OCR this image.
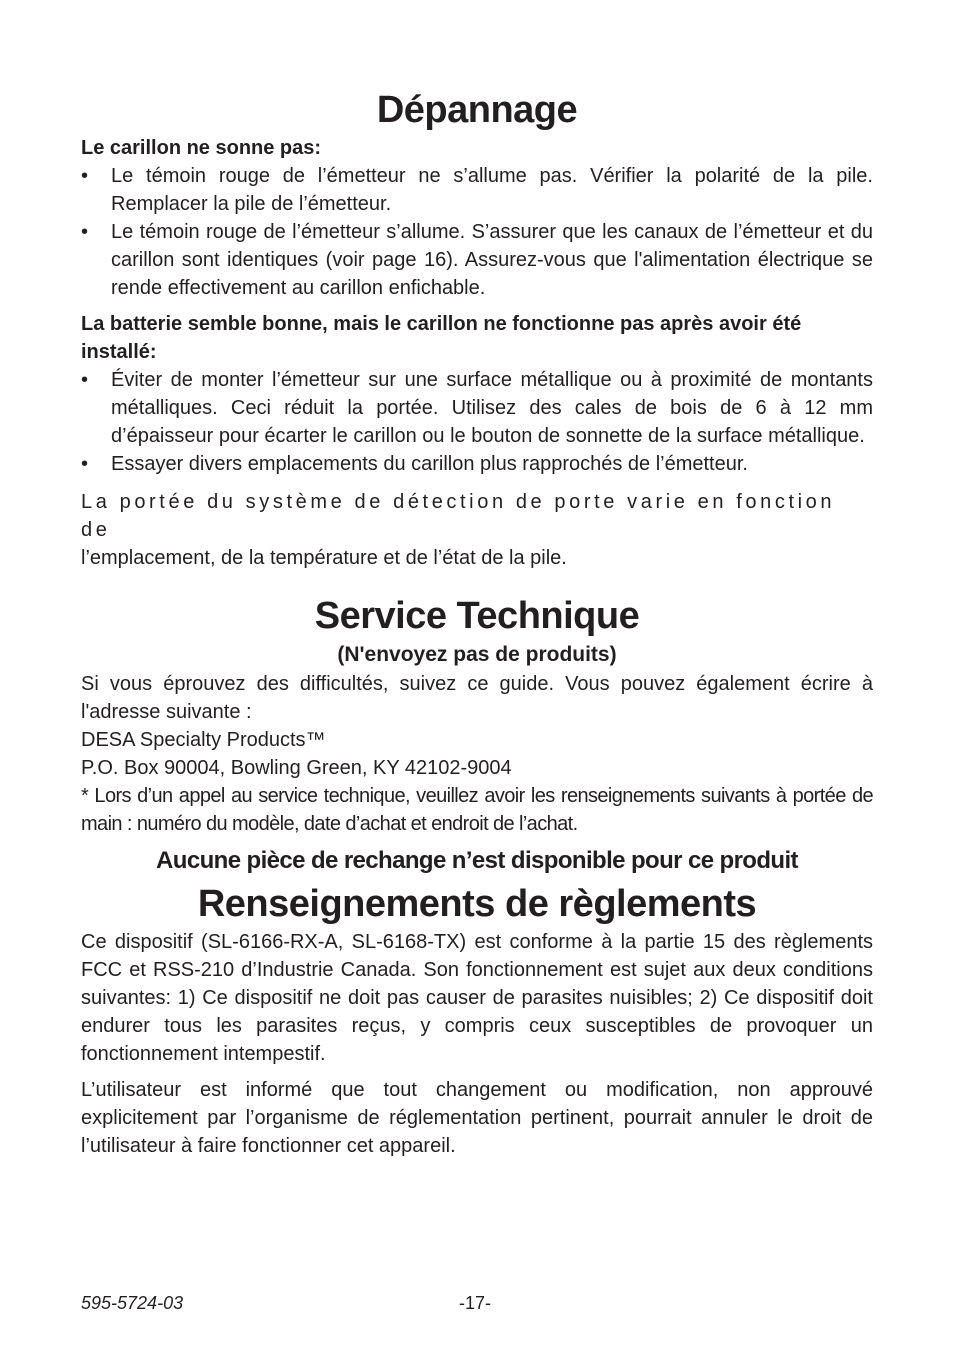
Dépannage

Le carillon ne sonne pas:

•	Le témoin rouge de l’émetteur ne s’allume pas. Vérifier la polarité de la pile. Remplacer la pile de l’émetteur.
•	Le témoin rouge de l’émetteur s’allume. S’assurer que les canaux de l’émetteur et du carillon sont identiques (voir page 16). Assurez-vous que l'alimentation électrique se rende effectivement au carillon enfichable.

La batterie semble bonne, mais le carillon ne fonctionne pas après avoir été installé:

•	Éviter de monter l’émetteur sur une surface métallique ou à proximité de montants métalliques. Ceci réduit la portée. Utilisez des cales de bois de 6 à 12 mm d’épaisseur pour écarter le carillon ou le bouton de sonnette de la surface métallique.
•	Essayer divers emplacements du carillon plus rapprochés de l’émetteur.

La portée du système de détection de porte varie en fonction de

l’emplacement, de la température et de l’état de la pile.

Service Technique

(N'envoyez pas de produits)

Si vous éprouvez des difficultés, suivez ce guide. Vous pouvez également écrire à l'adresse suivante :

DESA Specialty Products™

P.O. Box 90004, Bowling Green, KY 42102-9004

* Lors d’un appel au service technique, veuillez avoir les renseignements suivants à portée de main : numéro du modèle, date d’achat et endroit de l’achat.

Aucune pièce de rechange n’est disponible pour ce produit

Renseignements de règlements

Ce dispositif (SL-6166-RX-A, SL-6168-TX) est conforme à la partie 15 des règlements FCC et RSS-210 d’Industrie Canada. Son fonctionnement est sujet aux deux conditions suivantes: 1) Ce dispositif ne doit pas causer de parasites nuisibles; 2) Ce dispositif doit endurer tous les parasites reçus, y compris ceux susceptibles de provoquer un fonctionnement intempestif.

L’utilisateur est informé que tout changement ou modification, non approuvé explicitement par l’organisme de réglementation pertinent, pourrait annuler le droit de l’utilisateur à faire fonctionner cet appareil.

595-5724-03	-17-
